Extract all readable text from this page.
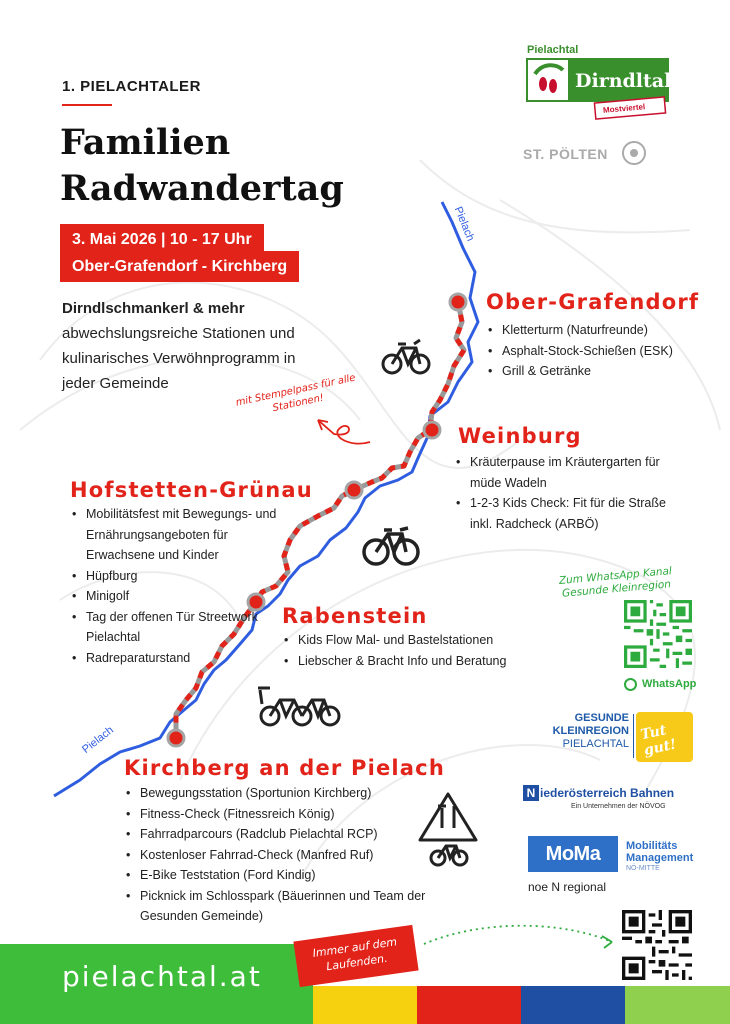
1. PIELACHTALER
Familien
Radwandertag
3. Mai 2026 | 10 - 17 Uhr
Ober-Grafendorf - Kirchberg
Dirndlschmankerl & mehr
abwechslungsreiche Stationen und
kulinarisches Verwöhnprogramm in
jeder Gemeinde
Pielachtal
Dirndltal
Mostviertel
ST. PÖLTEN
Pielach
Pielach
mit Stempelpass für alle Stationen!
Ober-Grafendorf
• Kletterturm (Naturfreunde)
• Asphalt-Stock-Schießen (ESK)
• Grill & Getränke
Weinburg
• Kräuterpause im Kräutergarten für müde Wadeln
• 1-2-3 Kids Check: Fit für die Straße inkl. Radcheck (ARBÖ)
Hofstetten-Grünau
• Mobilitätsfest mit Bewegungs- und Ernährungsangeboten für Erwachsene und Kinder
• Hüpfburg
• Minigolf
• Tag der offenen Tür Streetwork Pielachtal
• Radreparaturstand
Rabenstein
• Kids Flow Mal- und Bastelstationen
• Liebscher & Bracht Info und Beratung
Kirchberg an der Pielach
• Bewegungsstation (Sportunion Kirchberg)
• Fitness-Check (Fitnessreich König)
• Fahrradparcours (Radclub Pielachtal RCP)
• Kostenloser Fahrrad-Check (Manfred Ruf)
• E-Bike Teststation (Ford Kindig)
• Picknick im Schlosspark (Bäuerinnen und Team der Gesunden Gemeinde)
Zum WhatsApp Kanal Gesunde Kleinregion
WhatsApp
GESUNDE
KLEINREGION
PIELACHTAL
Tut gut!
N iederösterreich Bahnen
Ein Unternehmen der NÖVOG
MoMa	Mobilitäts
Management
NÖ-MITTE
noe N regional
pielachtal.at
Immer auf dem Laufenden.
